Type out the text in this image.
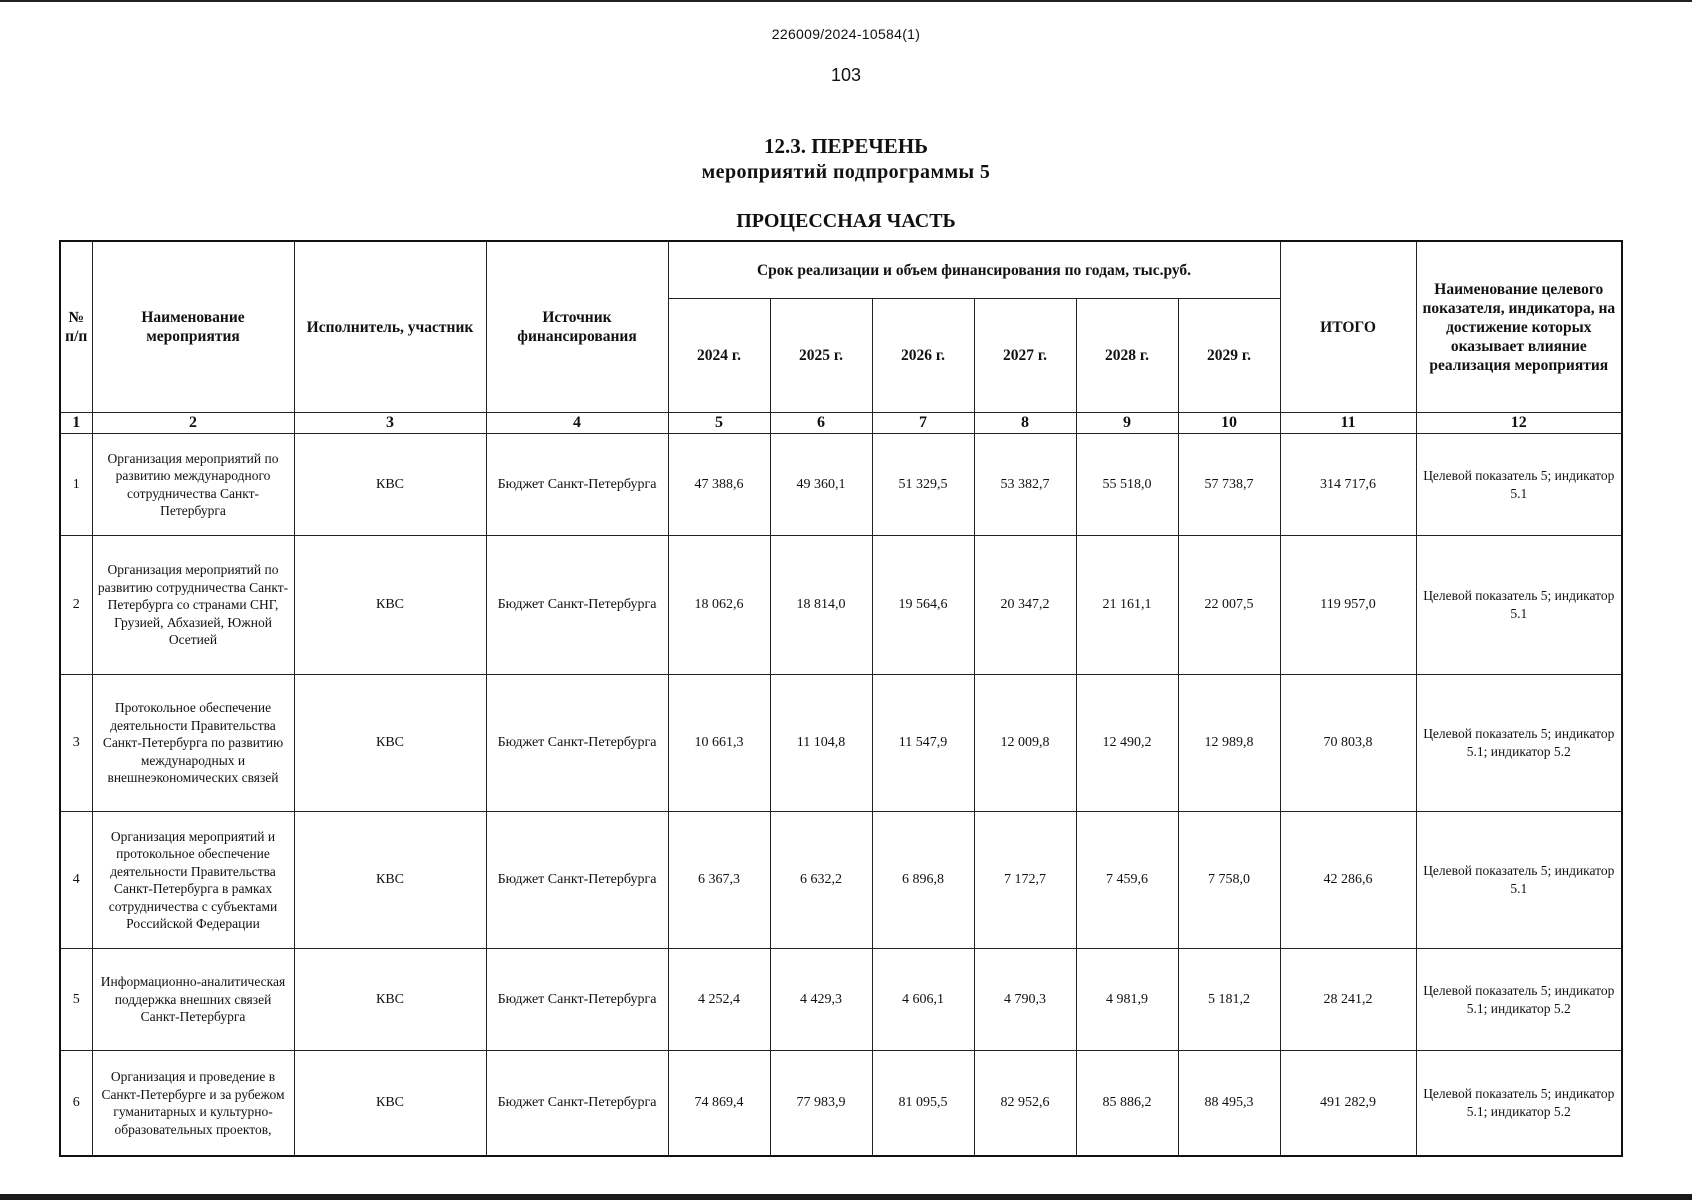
226009/2024-10584(1)
103
12.3. ПЕРЕЧЕНЬ
мероприятий подпрограммы 5
ПРОЦЕССНАЯ ЧАСТЬ
№ п/п	Наименование мероприятия	Исполнитель, участник	Источник финансирования	Срок реализации и объем финансирования по годам, тыс.руб.						ИТОГО	Наименование целевого показателя, индикатора, на достижение которых оказывает влияние реализация мероприятия
				2024 г.	2025 г.	2026 г.	2027 г.	2028 г.	2029 г.		
1	2	3	4	5	6	7	8	9	10	11	12
1	Организация мероприятий по развитию международного сотрудничества Санкт-Петербурга	КВС	Бюджет Санкт-Петербурга	47 388,6	49 360,1	51 329,5	53 382,7	55 518,0	57 738,7	314 717,6	Целевой показатель 5; индикатор 5.1
2	Организация мероприятий по развитию сотрудничества Санкт-Петербурга со странами СНГ, Грузией, Абхазией, Южной Осетией	КВС	Бюджет Санкт-Петербурга	18 062,6	18 814,0	19 564,6	20 347,2	21 161,1	22 007,5	119 957,0	Целевой показатель 5; индикатор 5.1
3	Протокольное обеспечение деятельности Правительства Санкт-Петербурга по развитию международных и внешнеэкономических связей	КВС	Бюджет Санкт-Петербурга	10 661,3	11 104,8	11 547,9	12 009,8	12 490,2	12 989,8	70 803,8	Целевой показатель 5; индикатор 5.1; индикатор 5.2
4	Организация мероприятий и протокольное обеспечение деятельности Правительства Санкт-Петербурга в рамках сотрудничества с субъектами Российской Федерации	КВС	Бюджет Санкт-Петербурга	6 367,3	6 632,2	6 896,8	7 172,7	7 459,6	7 758,0	42 286,6	Целевой показатель 5; индикатор 5.1
5	Информационно-аналитическая поддержка внешних связей Санкт-Петербурга	КВС	Бюджет Санкт-Петербурга	4 252,4	4 429,3	4 606,1	4 790,3	4 981,9	5 181,2	28 241,2	Целевой показатель 5; индикатор 5.1; индикатор 5.2
6	Организация и проведение в Санкт-Петербурге и за рубежом гуманитарных и культурно-образовательных проектов,	КВС	Бюджет Санкт-Петербурга	74 869,4	77 983,9	81 095,5	82 952,6	85 886,2	88 495,3	491 282,9	Целевой показатель 5; индикатор 5.1; индикатор 5.2
